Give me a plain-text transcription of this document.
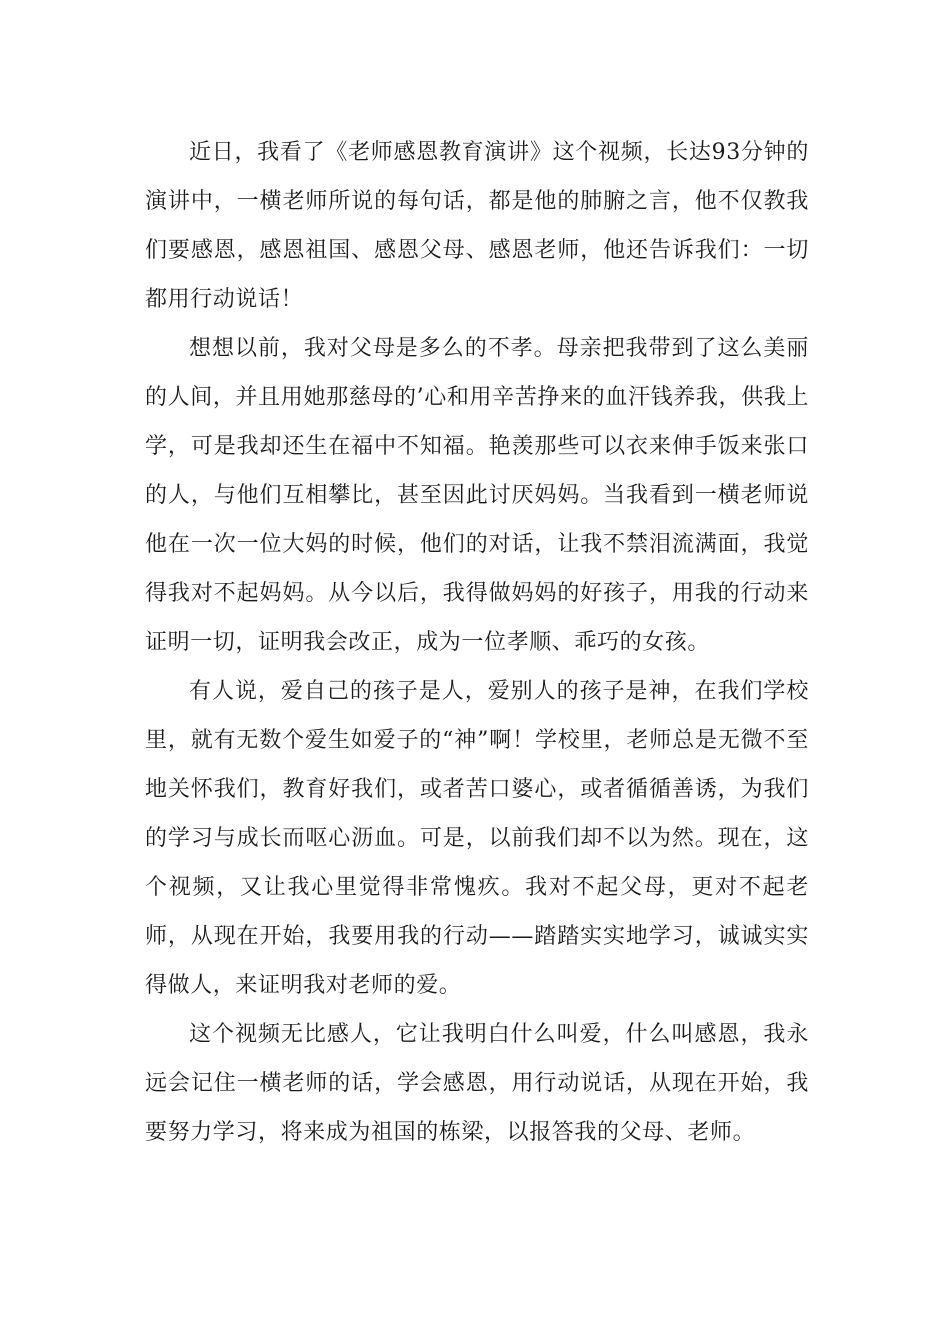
近日，我看了《老师感恩教育演讲》这个视频，长达93分钟的演讲中，一横老师所说的每句话，都是他的肺腑之言，他不仅教我们要感恩，感恩祖国、感恩父母、感恩老师，他还告诉我们：一切都用行动说话！

想想以前，我对父母是多么的不孝。母亲把我带到了这么美丽的人间，并且用她那慈母的’心和用辛苦挣来的血汗钱养我，供我上学，可是我却还生在福中不知福。艳羡那些可以衣来伸手饭来张口的人，与他们互相攀比，甚至因此讨厌妈妈。当我看到一横老师说他在一次一位大妈的时候，他们的对话，让我不禁泪流满面，我觉得我对不起妈妈。从今以后，我得做妈妈的好孩子，用我的行动来证明一切，证明我会改正，成为一位孝顺、乖巧的女孩。

有人说，爱自己的孩子是人，爱别人的孩子是神，在我们学校里，就有无数个爱生如爱子的“神”啊！学校里，老师总是无微不至地关怀我们，教育好我们，或者苦口婆心，或者循循善诱，为我们的学习与成长而呕心沥血。可是，以前我们却不以为然。现在，这个视频，又让我心里觉得非常愧疚。我对不起父母，更对不起老师，从现在开始，我要用我的行动——踏踏实实地学习，诚诚实实得做人，来证明我对老师的爱。

这个视频无比感人，它让我明白什么叫爱，什么叫感恩，我永远会记住一横老师的话，学会感恩，用行动说话，从现在开始，我要努力学习，将来成为祖国的栋梁，以报答我的父母、老师。
